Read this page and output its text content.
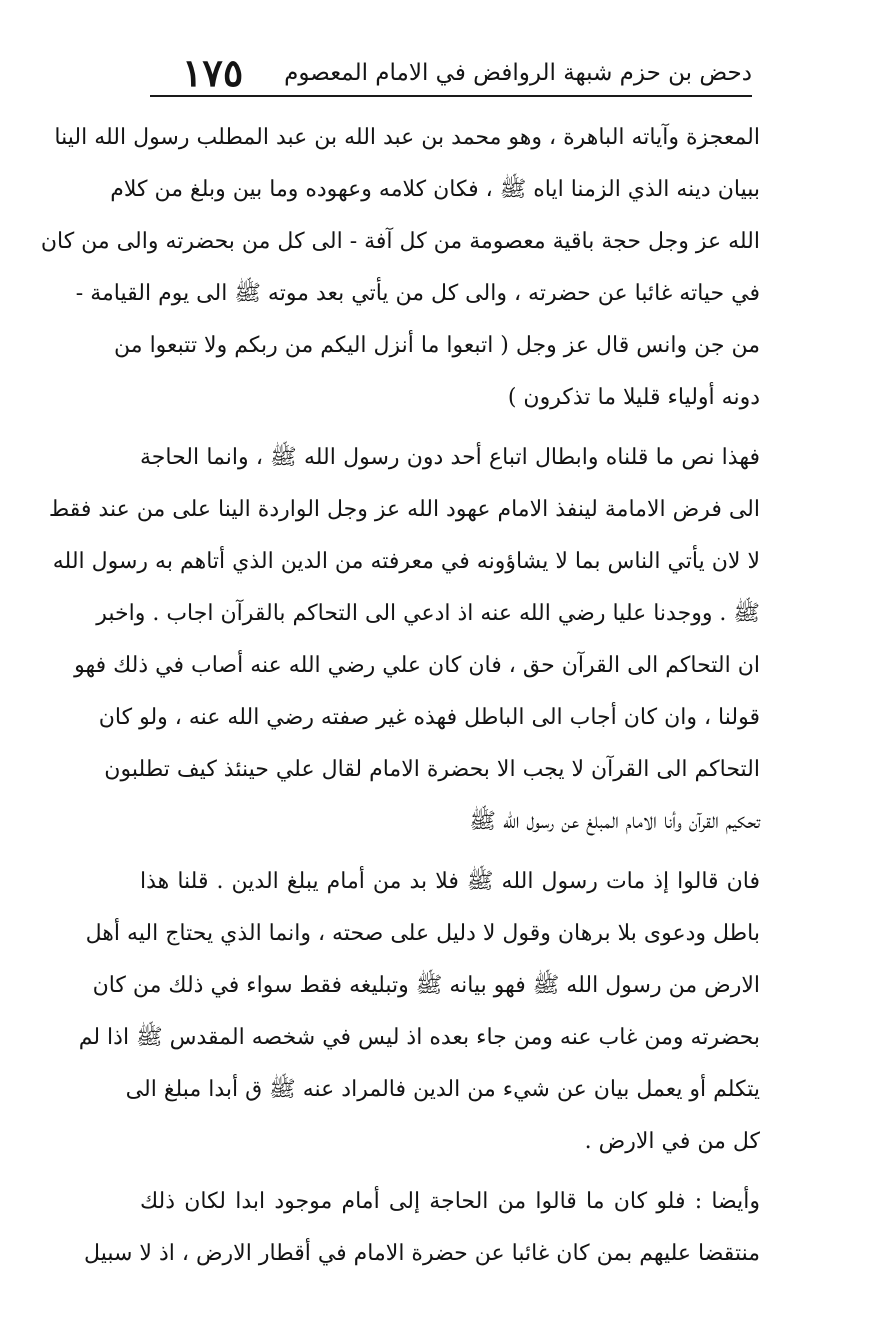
دحض بن حزم شبهة الروافض في الامام المعصوم
١٧٥
المعجزة وآياته الباهرة ، وهو محمد بن عبد الله بن عبد المطلب رسول الله الينا
ببيان دينه الذي الزمنا اياه ﷺ ، فكان كلامه وعهوده وما بين وبلغ من كلام
الله عز وجل حجة باقية معصومة من كل آفة - الى كل من بحضرته والى من كان
في حياته غائبا عن حضرته ، والى كل من يأتي بعد موته ﷺ الى يوم القيامة -
من جن وانس قال عز وجل ( اتبعوا ما أنزل اليكم من ربكم ولا تتبعوا من
دونه أولياء قليلا ما تذكرون )
فهذا نص ما قلناه وابطال اتباع أحد دون رسول الله ﷺ ، وانما الحاجة
الى فرض الامامة لينفذ الامام عهود الله عز وجل الواردة الينا على من عند فقط
لا لان يأتي الناس بما لا يشاؤونه في معرفته من الدين الذي أتاهم به رسول الله
ﷺ . ووجدنا عليا رضي الله عنه اذ ادعي الى التحاكم بالقرآن اجاب . واخبر
ان التحاكم الى القرآن حق ، فان كان علي رضي الله عنه أصاب في ذلك فهو
قولنا ، وان كان أجاب الى الباطل فهذه غير صفته رضي الله عنه ، ولو كان
التحاكم الى القرآن لا يجب الا بحضرة الامام لقال علي حينئذ كيف تطلبون
تحكيم القرآن وأنا الامام المبلغ عن رسول الله ﷺ
فان قالوا إذ مات رسول الله ﷺ فلا بد من أمام يبلغ الدين . قلنا هذا
باطل ودعوى بلا برهان وقول لا دليل على صحته ، وانما الذي يحتاج اليه أهل
الارض من رسول الله ﷺ فهو بيانه ﷺ وتبليغه فقط سواء في ذلك من كان
بحضرته ومن غاب عنه ومن جاء بعده اذ ليس في شخصه المقدس ﷺ اذا لم
يتكلم أو يعمل بيان عن شيء من الدين فالمراد عنه ﷺ ق أبدا مبلغ الى
كل من في الارض .
وأيضا : فلو كان ما قالوا من الحاجة إلى أمام موجود ابدا لكان ذلك
منتقضا عليهم بمن كان غائبا عن حضرة الامام في أقطار الارض ، اذ لا سبيل
